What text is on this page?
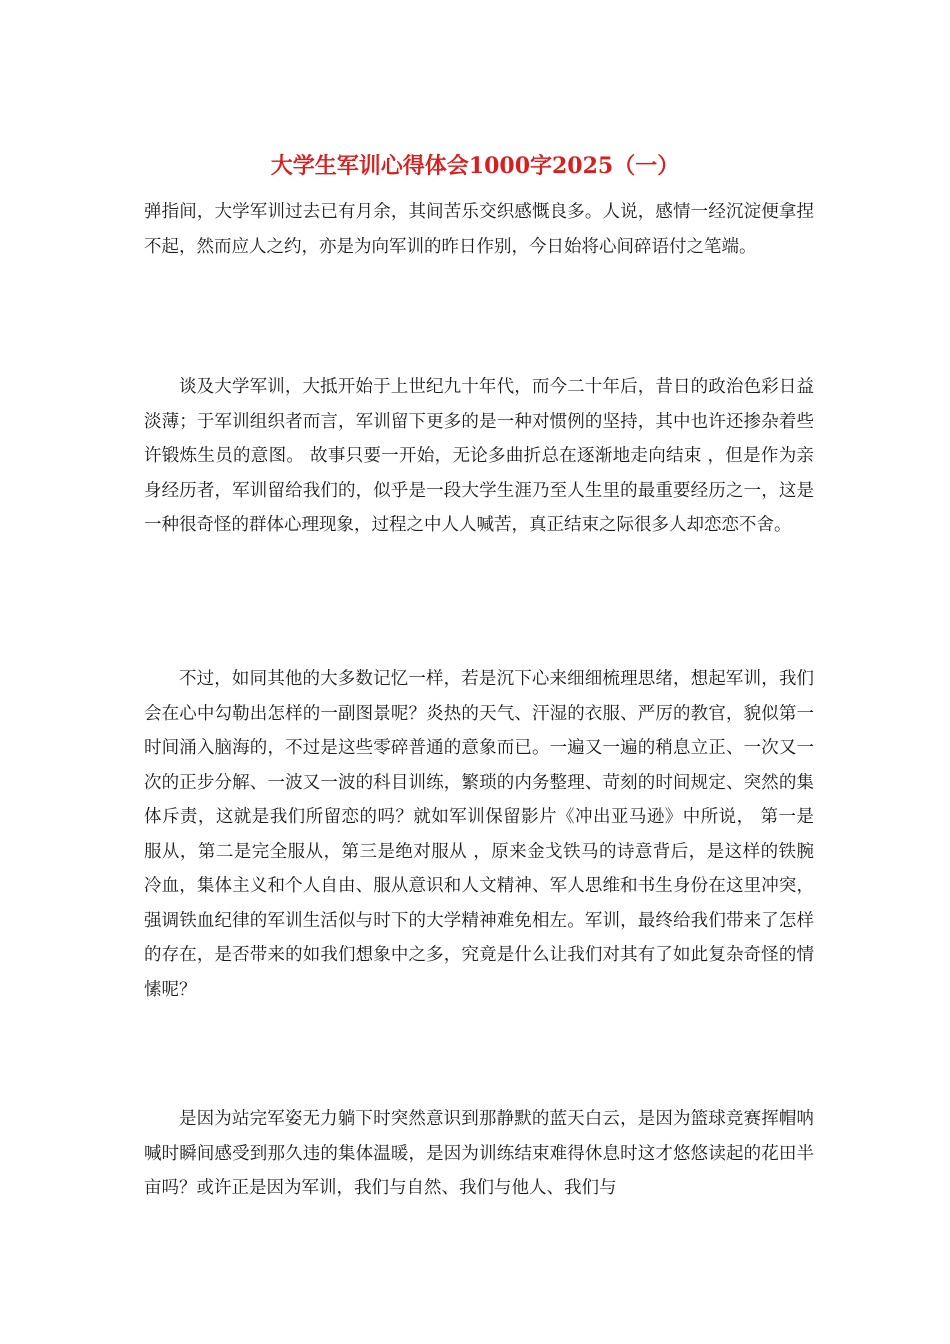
大学生军训心得体会1000字2025（一）

弹指间，大学军训过去已有月余，其间苦乐交织感慨良多。人说，感情一经沉淀便拿捏不起，然而应人之约，亦是为向军训的昨日作别，今日始将心间碎语付之笔端。

谈及大学军训，大抵开始于上世纪九十年代，而今二十年后，昔日的政治色彩日益淡薄；于军训组织者而言，军训留下更多的是一种对惯例的坚持，其中也许还掺杂着些许锻炼生员的意图。 故事只要一开始，无论多曲折总在逐渐地走向结束 ，但是作为亲身经历者，军训留给我们的，似乎是一段大学生涯乃至人生里的最重要经历之一，这是一种很奇怪的群体心理现象，过程之中人人喊苦，真正结束之际很多人却恋恋不舍。

不过，如同其他的大多数记忆一样，若是沉下心来细细梳理思绪，想起军训，我们会在心中勾勒出怎样的一副图景呢？炎热的天气、汗湿的衣服、严厉的教官，貌似第一时间涌入脑海的，不过是这些零碎普通的意象而已。一遍又一遍的稍息立正、一次又一次的正步分解、一波又一波的科目训练，繁琐的内务整理、苛刻的时间规定、突然的集体斥责，这就是我们所留恋的吗？就如军训保留影片《冲出亚马逊》中所说， 第一是服从，第二是完全服从，第三是绝对服从 ，原来金戈铁马的诗意背后，是这样的铁腕冷血，集体主义和个人自由、服从意识和人文精神、军人思维和书生身份在这里冲突，强调铁血纪律的军训生活似与时下的大学精神难免相左。军训，最终给我们带来了怎样的存在，是否带来的如我们想象中之多，究竟是什么让我们对其有了如此复杂奇怪的情愫呢？

是因为站完军姿无力躺下时突然意识到那静默的蓝天白云，是因为篮球竞赛挥帽呐喊时瞬间感受到那久违的集体温暖，是因为训练结束难得休息时这才悠悠读起的花田半亩吗？或许正是因为军训，我们与自然、我们与他人、我们与
